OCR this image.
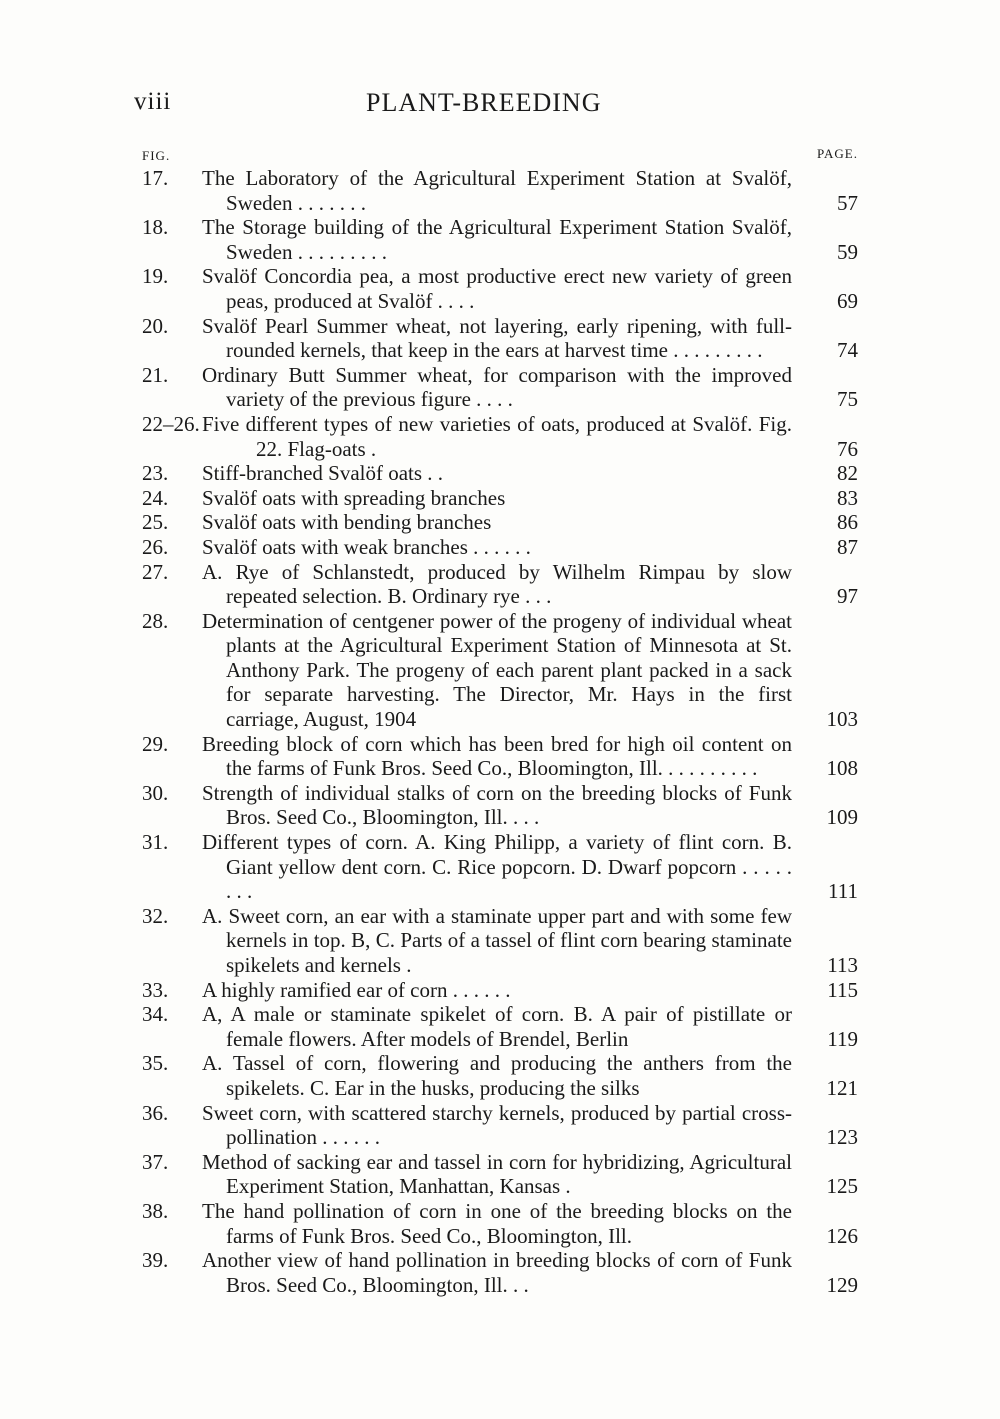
viii	PLANT-BREEDING
FIG.	PAGE.
17.	The Laboratory of the Agricultural Experiment Station at Svalöf, Sweden . . . . . . .	57
18.	The Storage building of the Agricultural Experiment Station Svalöf, Sweden . . . . . . . . .	59
19.	Svalöf Concordia pea, a most productive erect new variety of green peas, produced at Svalöf . . . .	69
20.	Svalöf Pearl Summer wheat, not layering, early ripening, with full-rounded kernels, that keep in the ears at harvest time . . . . . . . . .	74
21.	Ordinary Butt Summer wheat, for comparison with the improved variety of the previous figure . . . .	75
22–26. Five different types of new varieties of oats, produced at Svalöf. Fig. 22. Flag-oats .	76
23.	Stiff-branched Svalöf oats . .	82
24.	Svalöf oats with spreading branches	83
25.	Svalöf oats with bending branches	86
26.	Svalöf oats with weak branches . . . . . .	87
27.	A. Rye of Schlanstedt, produced by Wilhelm Rimpau by slow repeated selection. B. Ordinary rye . . .	97
28.	Determination of centgener power of the progeny of individual wheat plants at the Agricultural Experiment Station of Minnesota at St. Anthony Park. The progeny of each parent plant packed in a sack for separate harvesting. The Director, Mr. Hays in the first carriage, August, 1904	103
29.	Breeding block of corn which has been bred for high oil content on the farms of Funk Bros. Seed Co., Bloomington, Ill. . . . . . . . . .	108
30.	Strength of individual stalks of corn on the breeding blocks of Funk Bros. Seed Co., Bloomington, Ill. . . .	109
31.	Different types of corn. A. King Philipp, a variety of flint corn. B. Giant yellow dent corn. C. Rice popcorn. D. Dwarf popcorn . . . . . . . .	111
32.	A. Sweet corn, an ear with a staminate upper part and with some few kernels in top. B, C. Parts of a tassel of flint corn bearing staminate spikelets and kernels .	113
33.	A highly ramified ear of corn . . . . . .	115
34.	A, A male or staminate spikelet of corn. B. A pair of pistillate or female flowers. After models of Brendel, Berlin	119
35.	A. Tassel of corn, flowering and producing the anthers from the spikelets. C. Ear in the husks, producing the silks	121
36.	Sweet corn, with scattered starchy kernels, produced by partial cross-pollination . . . . . .	123
37.	Method of sacking ear and tassel in corn for hybridizing, Agricultural Experiment Station, Manhattan, Kansas .	125
38.	The hand pollination of corn in one of the breeding blocks on the farms of Funk Bros. Seed Co., Bloomington, Ill.	126
39.	Another view of hand pollination in breeding blocks of corn of Funk Bros. Seed Co., Bloomington, Ill. . .	129
